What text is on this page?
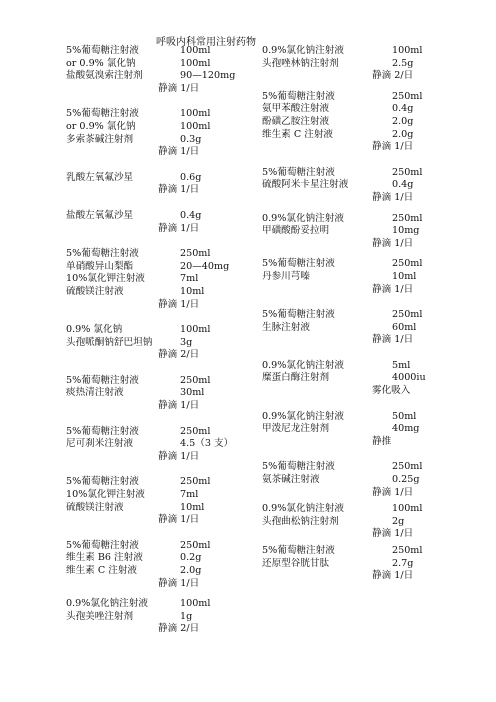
呼吸内科常用注射药物
5%葡萄糖注射液	100ml
or 0.9% 氯化钠	100ml
盐酸氨溴索注射剂	90—120mg
静滴 1/日
5%葡萄糖注射液	100ml
or 0.9% 氯化钠	100ml
多索茶碱注射剂	0.3g
静滴 1/日
乳酸左氧氟沙星	0.6g
静滴 1/日
盐酸左氧氟沙星	0.4g
静滴 1/日
5%葡萄糖注射液	250ml
单硝酸异山梨酯	20—40mg
10%氯化钾注射液	7ml
硫酸镁注射液	10ml
静滴 1/日
0.9% 氯化钠	100ml
头孢哌酮钠舒巴坦钠	3g
静滴 2/日
5%葡萄糖注射液	250ml
痰热清注射液	30ml
静滴 1/日
5%葡萄糖注射液	250ml
尼可刹米注射液	4.5（3 支）
静滴 1/日
5%葡萄糖注射液	250ml
10%氯化钾注射液	7ml
硫酸镁注射液	10ml
静滴 1/日
5%葡萄糖注射液	250ml
维生素 B6 注射液	0.2g
维生素 C 注射液	2.0g
静滴 1/日
0.9%氯化钠注射液	100ml
头孢美唑注射剂	1g
静滴 2/日
0.9%氯化钠注射液	100ml
头孢唑林钠注射剂	2.5g
静滴 2/日
5%葡萄糖注射液	250ml
氨甲苯酸注射液	0.4g
酚磺乙胺注射液	2.0g
维生素 C 注射液	2.0g
静滴 1/日
5%葡萄糖注射液	250ml
硫酸阿米卡星注射液	0.4g
静滴 1/日
0.9%氯化钠注射液	250ml
甲磺酸酚妥拉明	10mg
静滴 1/日
5%葡萄糖注射液	250ml
丹参川芎嗪	10ml
静滴 1/日
5%葡萄糖注射液	250ml
生脉注射液	60ml
静滴 1/日
0.9%氯化钠注射液	5ml
糜蛋白酶注射剂	4000iu
雾化吸入
0.9%氯化钠注射液	50ml
甲泼尼龙注射剂	40mg
静推
5%葡萄糖注射液	250ml
氨茶碱注射液	0.25g
静滴 1/日
0.9%氯化钠注射液	100ml
头孢曲松钠注射剂	2g
静滴 1/日
5%葡萄糖注射液	250ml
还原型谷胱甘肽	2.7g
静滴 1/日
